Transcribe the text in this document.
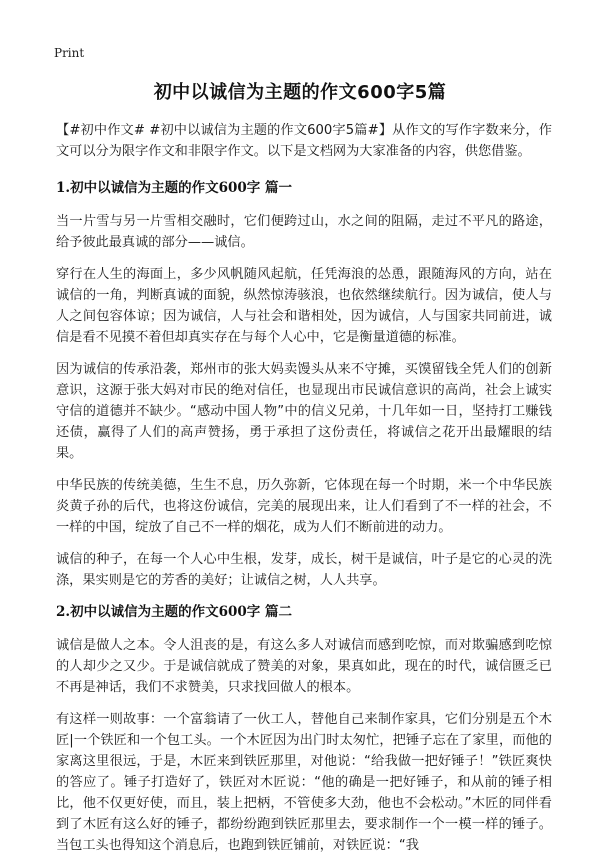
Print
初中以诚信为主题的作文600字5篇

【#初中作文# #初中以诚信为主题的作文600字5篇#】从作文的写作字数来分，作文可以分为限字作文和非限字作文。以下是文档网为大家准备的内容，供您借鉴。

1.初中以诚信为主题的作文600字 篇一

当一片雪与另一片雪相交融时，它们便跨过山，水之间的阻隔，走过不平凡的路途，给予彼此最真诚的部分——诚信。

穿行在人生的海面上，多少风帆随风起航，任凭海浪的怂恿，跟随海风的方向，站在诚信的一角，判断真诚的面貌，纵然惊涛骇浪，也依然继续航行。因为诚信，使人与人之间包容体谅；因为诚信，人与社会和谐相处，因为诚信，人与国家共同前进，诚信是看不见摸不着但却真实存在与每个人心中，它是衡量道德的标准。

因为诚信的传承沿袭，郑州市的张大妈卖馒头从来不守摊，买馍留钱全凭人们的创新意识，这源于张大妈对市民的绝对信任，也显现出市民诚信意识的高尚，社会上诚实守信的道德并不缺少。“感动中国人物”中的信义兄弟，十几年如一日，坚持打工赚钱还债，赢得了人们的高声赞扬，勇于承担了这份责任，将诚信之花开出最耀眼的结果。

中华民族的传统美德，生生不息，历久弥新，它体现在每一个时期，米一个中华民族炎黄子孙的后代，也将这份诚信，完美的展现出来，让人们看到了不一样的社会，不一样的中国，绽放了自己不一样的烟花，成为人们不断前进的动力。

诚信的种子，在每一个人心中生根，发芽，成长，树干是诚信，叶子是它的心灵的洗涤，果实则是它的芳香的美好；让诚信之树，人人共享。

2.初中以诚信为主题的作文600字 篇二

诚信是做人之本。令人沮丧的是，有这么多人对诚信而感到吃惊，而对欺骗感到吃惊的人却少之又少。于是诚信就成了赞美的对象，果真如此，现在的时代，诚信匮乏已不再是神话，我们不求赞美，只求找回做人的根本。

有这样一则故事：一个富翁请了一伙工人，替他自己来制作家具，它们分别是五个木匠|一个铁匠和一个包工头。一个木匠因为出门时太匆忙，把锤子忘在了家里，而他的家离这里很远，于是，木匠来到铁匠那里，对他说：“给我做一把好锤子！”铁匠爽快的答应了。锤子打造好了，铁匠对木匠说：“他的确是一把好锤子，和从前的锤子相比，他不仅更好使，而且，装上把柄，不管使多大劲，他也不会松动。”木匠的同伴看到了木匠有这么好的锤子，都纷纷跑到铁匠那里去，要求制作一个一模一样的锤子。当包工头也得知这个消息后，也跑到铁匠铺前，对铁匠说：“我
